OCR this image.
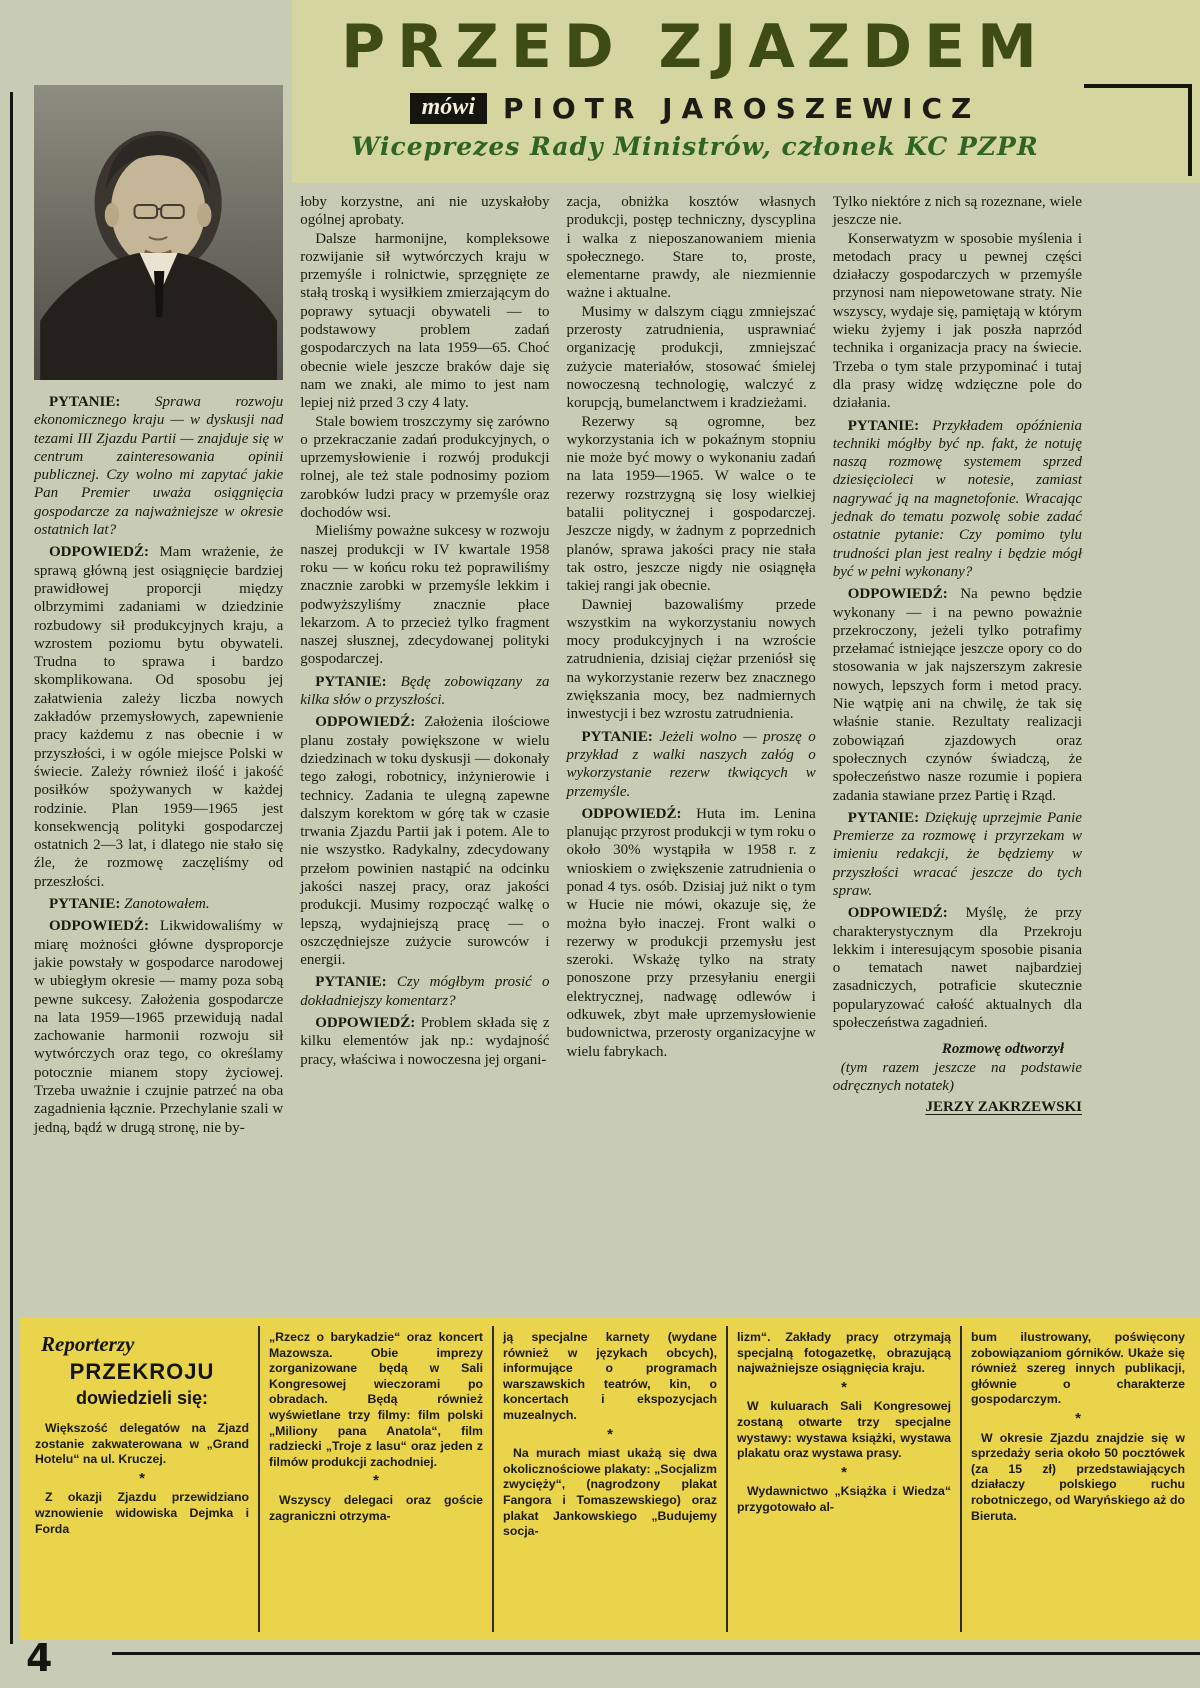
PRZED ZJAZDEM
mówi	PIOTR JAROSZEWICZ
Wiceprezes Rady Ministrów, członek KC PZPR

PYTANIE: Sprawa rozwoju ekonomicznego kraju — w dyskusji nad tezami III Zjazdu Partii — znajduje się w centrum zainteresowania opinii publicznej. Czy wolno mi zapytać jakie Pan Premier uważa osiągnięcia gospodarcze za najważniejsze w okresie ostatnich lat?

ODPOWIEDŹ: Mam wrażenie, że sprawą główną jest osiągnięcie bardziej prawidłowej proporcji między olbrzymimi zadaniami w dziedzinie rozbudowy sił produkcyjnych kraju, a wzrostem poziomu bytu obywateli. Trudna to sprawa i bardzo skomplikowana. Od sposobu jej załatwienia zależy liczba nowych zakładów przemysłowych, zapewnienie pracy każdemu z nas obecnie i w przyszłości, i w ogóle miejsce Polski w świecie. Zależy również ilość i jakość posiłków spożywanych w każdej rodzinie. Plan 1959—1965 jest konsekwencją polityki gospodarczej ostatnich 2—3 lat, i dlatego nie stało się źle, że rozmowę zaczęliśmy od przeszłości.

PYTANIE: Zanotowałem.

ODPOWIEDŹ: Likwidowaliśmy w miarę możności główne dysproporcje jakie powstały w gospodarce narodowej w ubiegłym okresie — mamy poza sobą pewne sukcesy. Założenia gospodarcze na lata 1959—1965 przewidują nadal zachowanie harmonii rozwoju sił wytwórczych oraz tego, co określamy potocznie mianem stopy życiowej. Trzeba uważnie i czujnie patrzeć na oba zagadnienia łącznie. Przechylanie szali w jedną, bądź w drugą stronę, nie by-

łoby korzystne, ani nie uzyskałoby ogólnej aprobaty.

Dalsze harmonijne, kompleksowe rozwijanie sił wytwórczych kraju w przemyśle i rolnictwie, sprzęgnięte ze stałą troską i wysiłkiem zmierzającym do poprawy sytuacji obywateli — to podstawowy problem zadań gospodarczych na lata 1959—65. Choć obecnie wiele jeszcze braków daje się nam we znaki, ale mimo to jest nam lepiej niż przed 3 czy 4 laty.

Stale bowiem troszczymy się zarówno o przekraczanie zadań produkcyjnych, o uprzemysłowienie i rozwój produkcji rolnej, ale też stale podnosimy poziom zarobków ludzi pracy w przemyśle oraz dochodów wsi.

Mieliśmy poważne sukcesy w rozwoju naszej produkcji w IV kwartale 1958 roku — w końcu roku też poprawiliśmy znacznie zarobki w przemyśle lekkim i podwyższyliśmy znacznie płace lekarzom. A to przecież tylko fragment naszej słusznej, zdecydowanej polityki gospodarczej.

PYTANIE: Będę zobowiązany za kilka słów o przyszłości.

ODPOWIEDŹ: Założenia ilościowe planu zostały powiększone w wielu dziedzinach w toku dyskusji — dokonały tego załogi, robotnicy, inżynierowie i technicy. Zadania te ulegną zapewne dalszym korektom w górę tak w czasie trwania Zjazdu Partii jak i potem. Ale to nie wszystko. Radykalny, zdecydowany przełom powinien nastąpić na odcinku jakości naszej pracy, oraz jakości produkcji. Musimy rozpocząć walkę o lepszą, wydajniejszą pracę — o oszczędniejsze zużycie surowców i energii.

PYTANIE: Czy mógłbym prosić o dokładniejszy komentarz?

ODPOWIEDŹ: Problem składa się z kilku elementów jak np.: wydajność pracy, właściwa i nowoczesna jej organi-

zacja, obniżka kosztów własnych produkcji, postęp techniczny, dyscyplina i walka z nieposzanowaniem mienia społecznego. Stare to, proste, elementarne prawdy, ale niezmiennie ważne i aktualne.

Musimy w dalszym ciągu zmniejszać przerosty zatrudnienia, usprawniać organizację produkcji, zmniejszać zużycie materiałów, stosować śmielej nowoczesną technologię, walczyć z korupcją, bumelanctwem i kradzieżami.

Rezerwy są ogromne, bez wykorzystania ich w pokaźnym stopniu nie może być mowy o wykonaniu zadań na lata 1959—1965. W walce o te rezerwy rozstrzygną się losy wielkiej batalii politycznej i gospodarczej. Jeszcze nigdy, w żadnym z poprzednich planów, sprawa jakości pracy nie stała tak ostro, jeszcze nigdy nie osiągnęła takiej rangi jak obecnie.

Dawniej bazowaliśmy przede wszystkim na wykorzystaniu nowych mocy produkcyjnych i na wzroście zatrudnienia, dzisiaj ciężar przeniósł się na wykorzystanie rezerw bez znacznego zwiększania mocy, bez nadmiernych inwestycji i bez wzrostu zatrudnienia.

PYTANIE: Jeżeli wolno — proszę o przykład z walki naszych załóg o wykorzystanie rezerw tkwiących w przemyśle.

ODPOWIEDŹ: Huta im. Lenina planując przyrost produkcji w tym roku o około 30% wystąpiła w 1958 r. z wnioskiem o zwiększenie zatrudnienia o ponad 4 tys. osób. Dzisiaj już nikt o tym w Hucie nie mówi, okazuje się, że można było inaczej. Front walki o rezerwy w produkcji przemysłu jest szeroki. Wskażę tylko na straty ponoszone przy przesyłaniu energii elektrycznej, nadwagę odlewów i odkuwek, zbyt małe uprzemysłowienie budownictwa, przerosty organizacyjne w wielu fabrykach.

Tylko niektóre z nich są rozeznane, wiele jeszcze nie.

Konserwatyzm w sposobie myślenia i metodach pracy u pewnej części działaczy gospodarczych w przemyśle przynosi nam niepowetowane straty. Nie wszyscy, wydaje się, pamiętają w którym wieku żyjemy i jak poszła naprzód technika i organizacja pracy na świecie. Trzeba o tym stale przypominać i tutaj dla prasy widzę wdzięczne pole do działania.

PYTANIE: Przykładem opóźnienia techniki mógłby być np. fakt, że notuję naszą rozmowę systemem sprzed dziesięcioleci w notesie, zamiast nagrywać ją na magnetofonie. Wracając jednak do tematu pozwolę sobie zadać ostatnie pytanie: Czy pomimo tylu trudności plan jest realny i będzie mógł być w pełni wykonany?

ODPOWIEDŹ: Na pewno będzie wykonany — i na pewno poważnie przekroczony, jeżeli tylko potrafimy przełamać istniejące jeszcze opory co do stosowania w jak najszerszym zakresie nowych, lepszych form i metod pracy. Nie wątpię ani na chwilę, że tak się właśnie stanie. Rezultaty realizacji zobowiązań zjazdowych oraz społecznych czynów świadczą, że społeczeństwo nasze rozumie i popiera zadania stawiane przez Partię i Rząd.

PYTANIE: Dziękuję uprzejmie Panie Premierze za rozmowę i przyrzekam w imieniu redakcji, że będziemy w przyszłości wracać jeszcze do tych spraw.

ODPOWIEDŹ: Myślę, że przy charakterystycznym dla Przekroju lekkim i interesującym sposobie pisania o tematach nawet najbardziej zasadniczych, potraficie skutecznie popularyzować całość aktualnych dla społeczeństwa zagadnień.

Rozmowę odtworzył

(tym razem jeszcze na podstawie odręcznych notatek)

JERZY ZAKRZEWSKI

Reporterzy
PRZEKROJU
dowiedzieli się:

Większość delegatów na Zjazd zostanie zakwaterowana w „Grand Hotelu“ na ul. Kruczej.

*

Z okazji Zjazdu przewidziano wznowienie widowiska Dejmka i Forda

„Rzecz o barykadzie“ oraz koncert Mazowsza. Obie imprezy zorganizowane będą w Sali Kongresowej wieczorami po obradach. Będą również wyświetlane trzy filmy: film polski „Miliony pana Anatola“, film radziecki „Troje z lasu“ oraz jeden z filmów produkcji zachodniej.

*

Wszyscy delegaci oraz goście zagraniczni otrzyma-

ją specjalne karnety (wydane również w językach obcych), informujące o programach warszawskich teatrów, kin, o koncertach i ekspozycjach muzealnych.

*

Na murach miast ukażą się dwa okolicznościowe plakaty: „Socjalizm zwycięży“, (nagrodzony plakat Fangora i Tomaszewskiego) oraz plakat Jankowskiego „Budujemy socja-

lizm“. Zakłady pracy otrzymają specjalną fotogazetkę, obrazującą najważniejsze osiągnięcia kraju.

*

W kuluarach Sali Kongresowej zostaną otwarte trzy specjalne wystawy: wystawa książki, wystawa plakatu oraz wystawa prasy.

*

Wydawnictwo „Książka i Wiedza“ przygotowało al-

bum ilustrowany, poświęcony zobowiązaniom górników. Ukaże się również szereg innych publikacji, głównie o charakterze gospodarczym.

*

W okresie Zjazdu znajdzie się w sprzedaży seria około 50 pocztówek (za 15 zł) przedstawiających działaczy polskiego ruchu robotniczego, od Waryńskiego aż do Bieruta.

4
